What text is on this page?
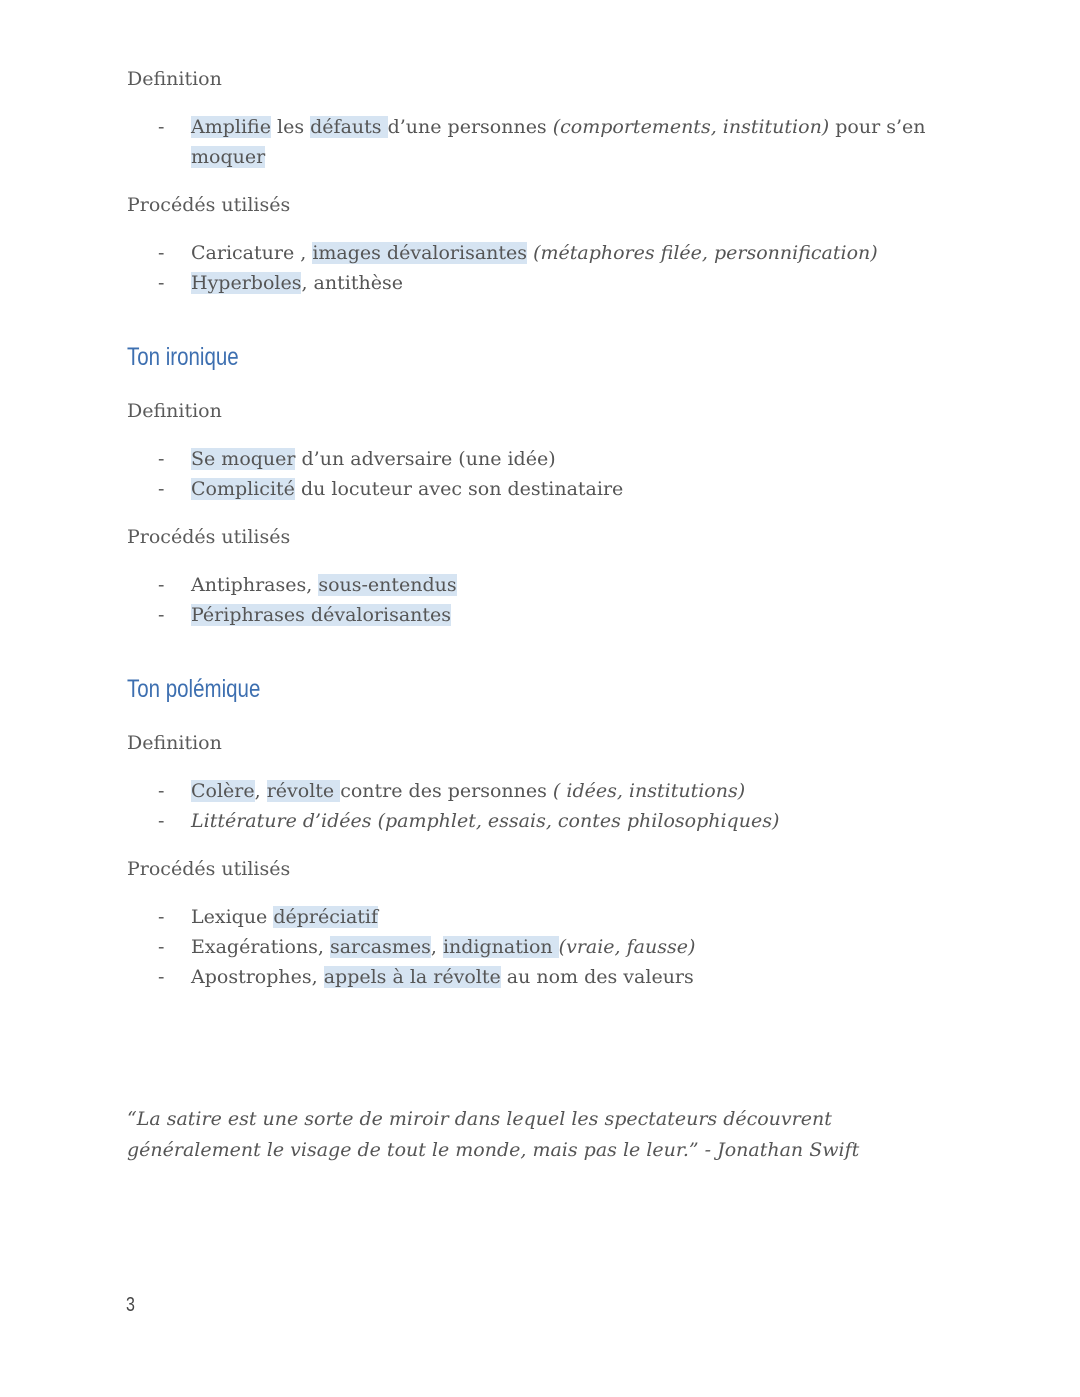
Definition
- Amplifie les défauts d’une personnes (comportements, institution) pour s’en
moquer
Procédés utilisés
- Caricature , images dévalorisantes (métaphores filée, personnification)
- Hyperboles, antithèse
Ton ironique
Definition
- Se moquer d’un adversaire (une idée)
- Complicité du locuteur avec son destinataire
Procédés utilisés
- Antiphrases, sous-entendus
- Périphrases dévalorisantes
Ton polémique
Definition
- Colère, révolte contre des personnes ( idées, institutions)
- Littérature d’idées (pamphlet, essais, contes philosophiques)
Procédés utilisés
- Lexique dépréciatif
- Exagérations, sarcasmes, indignation (vraie, fausse)
- Apostrophes, appels à la révolte au nom des valeurs
“La satire est une sorte de miroir dans lequel les spectateurs découvrent généralement le visage de tout le monde, mais pas le leur.” - Jonathan Swift
3
